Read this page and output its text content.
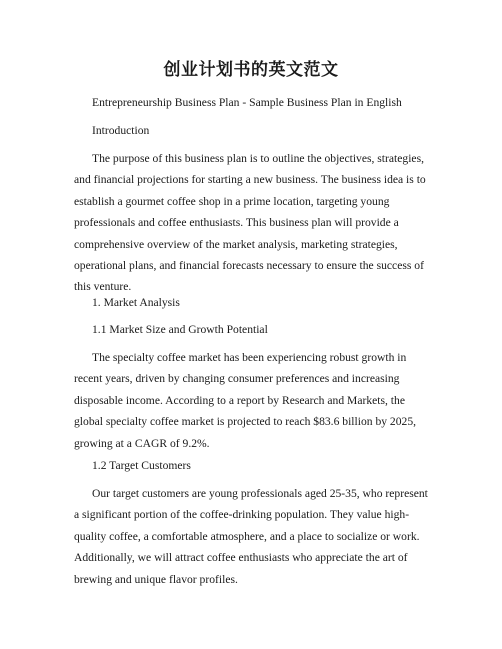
创业计划书的英文范文

Entrepreneurship Business Plan - Sample Business Plan in English

Introduction

The purpose of this business plan is to outline the objectives, strategies,
and financial projections for starting a new business. The business idea is to
establish a gourmet coffee shop in a prime location, targeting young
professionals and coffee enthusiasts. This business plan will provide a
comprehensive overview of the market analysis, marketing strategies,
operational plans, and financial forecasts necessary to ensure the success of
this venture.

1. Market Analysis

1.1 Market Size and Growth Potential

The specialty coffee market has been experiencing robust growth in
recent years, driven by changing consumer preferences and increasing
disposable income. According to a report by Research and Markets, the
global specialty coffee market is projected to reach $83.6 billion by 2025,
growing at a CAGR of 9.2%.

1.2 Target Customers

Our target customers are young professionals aged 25-35, who represent
a significant portion of the coffee-drinking population. They value high-
quality coffee, a comfortable atmosphere, and a place to socialize or work.
Additionally, we will attract coffee enthusiasts who appreciate the art of
brewing and unique flavor profiles.
